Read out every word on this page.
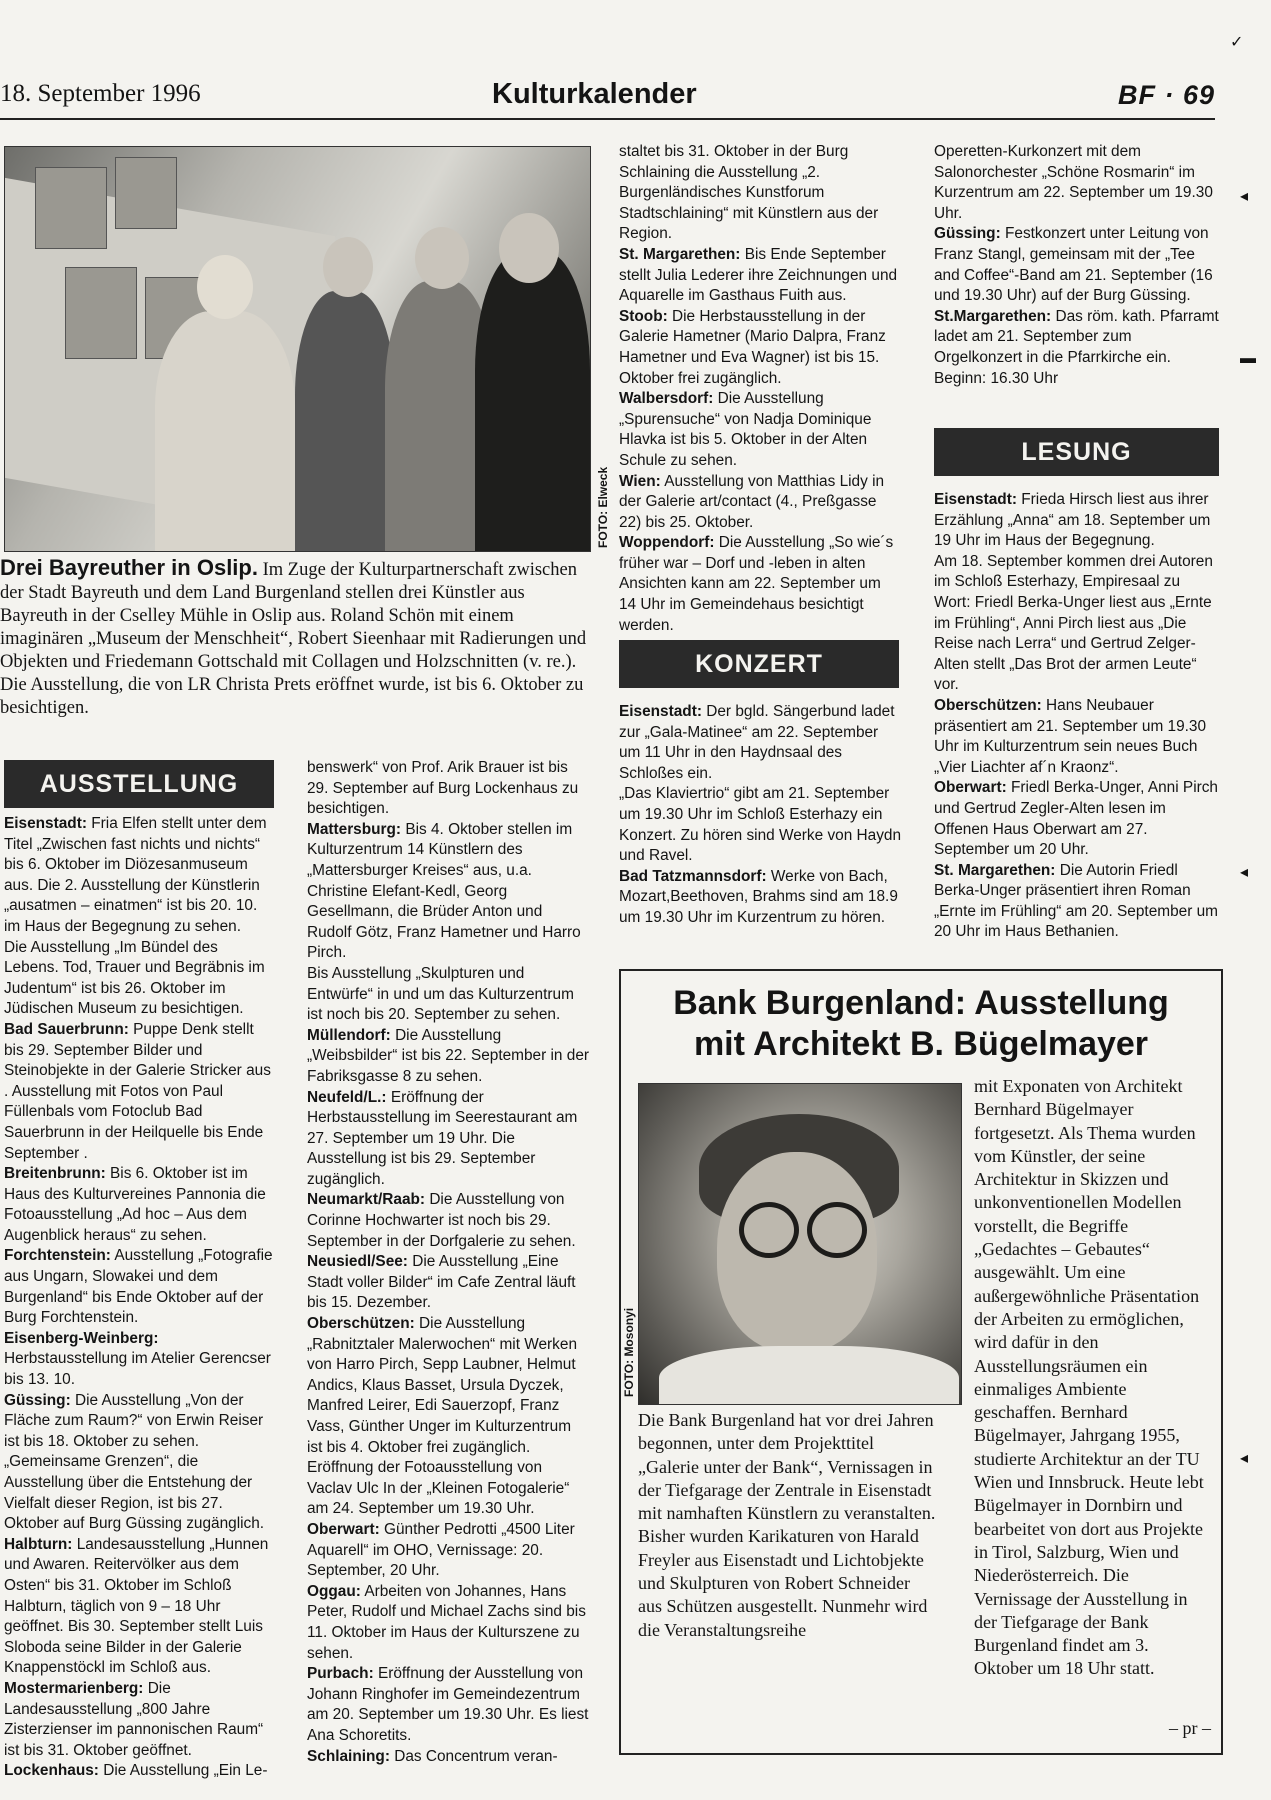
18. September 1996	Kulturkalender	BF · 69
FOTO: Elweck
Drei Bayreuther in Oslip. Im Zuge der Kulturpartnerschaft zwischen der Stadt Bayreuth und dem Land Burgenland stellen drei Künstler aus Bayreuth in der Cselley Mühle in Oslip aus. Roland Schön mit einem imaginären „Museum der Menschheit“, Robert Sieenhaar mit Radierungen und Objekten und Friedemann Gottschald mit Collagen und Holzschnitten (v. re.). Die Ausstellung, die von LR Christa Prets eröffnet wurde, ist bis 6. Oktober zu besichtigen.
AUSSTELLUNG

Eisenstadt: Fria Elfen stellt unter dem Titel „Zwischen fast nichts und nichts“ bis 6. Oktober im Diözesanmuseum aus. Die 2. Ausstellung der Künstlerin „ausatmen – einatmen“ ist bis 20. 10. im Haus der Begegnung zu sehen.

Die Ausstellung „Im Bündel des Lebens. Tod, Trauer und Begräbnis im Judentum“ ist bis 26. Oktober im Jüdischen Museum zu besichtigen.

Bad Sauerbrunn: Puppe Denk stellt bis 29. September Bilder und Steinobjekte in der Galerie Stricker aus . Ausstellung mit Fotos von Paul Füllenbals vom Fotoclub Bad Sauerbrunn in der Heilquelle bis Ende September .

Breitenbrunn: Bis 6. Oktober ist im Haus des Kulturvereines Pannonia die Fotoausstellung „Ad hoc – Aus dem Augenblick heraus“ zu sehen.

Forchtenstein: Ausstellung „Fotografie aus Ungarn, Slowakei und dem Burgenland“ bis Ende Oktober auf der Burg Forchtenstein.

Eisenberg-Weinberg: Herbstausstellung im Atelier Gerencser bis 13. 10.

Güssing: Die Ausstellung „Von der Fläche zum Raum?“ von Erwin Reiser ist bis 18. Oktober zu sehen.

„Gemeinsame Grenzen“, die Ausstellung über die Entstehung der Vielfalt dieser Region, ist bis 27. Oktober auf Burg Güssing zugänglich.

Halbturn: Landesausstellung „Hunnen und Awaren. Reitervölker aus dem Osten“ bis 31. Oktober im Schloß Halbturn, täglich von 9 – 18 Uhr geöffnet. Bis 30. September stellt Luis Sloboda seine Bilder in der Galerie Knappenstöckl im Schloß aus.

Mostermarienberg: Die Landesausstellung „800 Jahre Zisterzienser im pannonischen Raum“ ist bis 31. Oktober geöffnet.

Lockenhaus: Die Ausstellung „Ein Le-

benswerk“ von Prof. Arik Brauer ist bis 29. September auf Burg Lockenhaus zu besichtigen.

Mattersburg: Bis 4. Oktober stellen im Kulturzentrum 14 Künstlern des „Mattersburger Kreises“ aus, u.a. Christine Elefant-Kedl, Georg Gesellmann, die Brüder Anton und Rudolf Götz, Franz Hametner und Harro Pirch.

Bis Ausstellung „Skulpturen und Entwürfe“ in und um das Kulturzentrum ist noch bis 20. September zu sehen.

Müllendorf: Die Ausstellung „Weibsbilder“ ist bis 22. September in der Fabriksgasse 8 zu sehen.

Neufeld/L.: Eröffnung der Herbstausstellung im Seerestaurant am 27. September um 19 Uhr. Die Ausstellung ist bis 29. September zugänglich.

Neumarkt/Raab: Die Ausstellung von Corinne Hochwarter ist noch bis 29. September in der Dorfgalerie zu sehen.

Neusiedl/See: Die Ausstellung „Eine Stadt voller Bilder“ im Cafe Zentral läuft bis 15. Dezember.

Oberschützen: Die Ausstellung „Rabnitztaler Malerwochen“ mit Werken von Harro Pirch, Sepp Laubner, Helmut Andics, Klaus Basset, Ursula Dyczek, Manfred Leirer, Edi Sauerzopf, Franz Vass, Günther Unger im Kulturzentrum ist bis 4. Oktober frei zugänglich. Eröffnung der Fotoausstellung von Vaclav Ulc In der „Kleinen Fotogalerie“ am 24. September um 19.30 Uhr.

Oberwart: Günther Pedrotti „4500 Liter Aquarell“ im OHO, Vernissage: 20. September, 20 Uhr.

Oggau: Arbeiten von Johannes, Hans Peter, Rudolf und Michael Zachs sind bis 11. Oktober im Haus der Kulturszene zu sehen.

Purbach: Eröffnung der Ausstellung von Johann Ringhofer im Gemeindezentrum am 20. September um 19.30 Uhr. Es liest Ana Schoretits.

Schlaining: Das Concentrum veran-

staltet bis 31. Oktober in der Burg Schlaining die Ausstellung „2. Burgenländisches Kunstforum Stadtschlaining“ mit Künstlern aus der Region.

St. Margarethen: Bis Ende September stellt Julia Lederer ihre Zeichnungen und Aquarelle im Gasthaus Fuith aus.

Stoob: Die Herbstausstellung in der Galerie Hametner (Mario Dalpra, Franz Hametner und Eva Wagner) ist bis 15. Oktober frei zugänglich.

Walbersdorf: Die Ausstellung „Spurensuche“ von Nadja Dominique Hlavka ist bis 5. Oktober in der Alten Schule zu sehen.

Wien: Ausstellung von Matthias Lidy in der Galerie art/contact (4., Preßgasse 22) bis 25. Oktober.

Woppendorf: Die Ausstellung „So wie´s früher war – Dorf und -leben in alten Ansichten kann am 22. September um 14 Uhr im Gemeindehaus besichtigt werden.

KONZERT

Eisenstadt: Der bgld. Sängerbund ladet zur „Gala-Matinee“ am 22. September um 11 Uhr in den Haydnsaal des Schloßes ein.

„Das Klaviertrio“ gibt am 21. September um 19.30 Uhr im Schloß Esterhazy ein Konzert. Zu hören sind Werke von Haydn und Ravel.

Bad Tatzmannsdorf: Werke von Bach, Mozart,Beethoven, Brahms sind am 18.9 um 19.30 Uhr im Kurzentrum zu hören.

Operetten-Kurkonzert mit dem Salonorchester „Schöne Rosmarin“ im Kurzentrum am 22. September um 19.30 Uhr.

Güssing: Festkonzert unter Leitung von Franz Stangl, gemeinsam mit der „Tee and Coffee“-Band am 21. September (16 und 19.30 Uhr) auf der Burg Güssing.

St.Margarethen: Das röm. kath. Pfarramt ladet am 21. September zum Orgelkonzert in die Pfarrkirche ein. Beginn: 16.30 Uhr

LESUNG

Eisenstadt: Frieda Hirsch liest aus ihrer Erzählung „Anna“ am 18. September um 19 Uhr im Haus der Begegnung.

Am 18. September kommen drei Autoren im Schloß Esterhazy, Empiresaal zu Wort: Friedl Berka-Unger liest aus „Ernte im Frühling“, Anni Pirch liest aus „Die Reise nach Lerra“ und Gertrud Zelger-Alten stellt „Das Brot der armen Leute“ vor.

Oberschützen: Hans Neubauer präsentiert am 21. September um 19.30 Uhr im Kulturzentrum sein neues Buch „Vier Liachter af´n Kraonz“.

Oberwart: Friedl Berka-Unger, Anni Pirch und Gertrud Zegler-Alten lesen im Offenen Haus Oberwart am 27. September um 20 Uhr.

St. Margarethen: Die Autorin Friedl Berka-Unger präsentiert ihren Roman „Ernte im Frühling“ am 20. September um 20 Uhr im Haus Bethanien.

Bank Burgenland: Ausstellung
mit Architekt B. Bügelmayer
FOTO: Mosonyi

mit Exponaten von Architekt Bernhard Bügelmayer fortgesetzt. Als Thema wurden vom Künstler, der seine Architektur in Skizzen und unkonventionellen Modellen vorstellt, die Begriffe „Gedachtes – Gebautes“ ausgewählt. Um eine außergewöhnliche Präsentation der Arbeiten zu ermöglichen, wird dafür in den Ausstellungsräumen ein einmaliges Ambiente geschaffen. Bernhard Bügelmayer, Jahrgang 1955, studierte Architektur an der TU Wien und Innsbruck. Heute lebt Bügelmayer in Dornbirn und bearbeitet von dort aus Projekte in Tirol, Salzburg, Wien und Niederösterreich. Die Vernissage der Ausstellung in der Tiefgarage der Bank Burgenland findet am 3. Oktober um 18 Uhr statt.

Die Bank Burgenland hat vor drei Jahren begonnen, unter dem Projekttitel „Galerie unter der Bank“, Vernissagen in der Tiefgarage der Zentrale in Eisenstadt mit namhaften Künstlern zu veranstalten. Bisher wurden Karikaturen von Harald Freyler aus Eisenstadt und Lichtobjekte und Skulpturen von Robert Schneider aus Schützen ausgestellt. Nunmehr wird die Veranstaltungsreihe

– pr –
✓
◂
▬
◂
◂
